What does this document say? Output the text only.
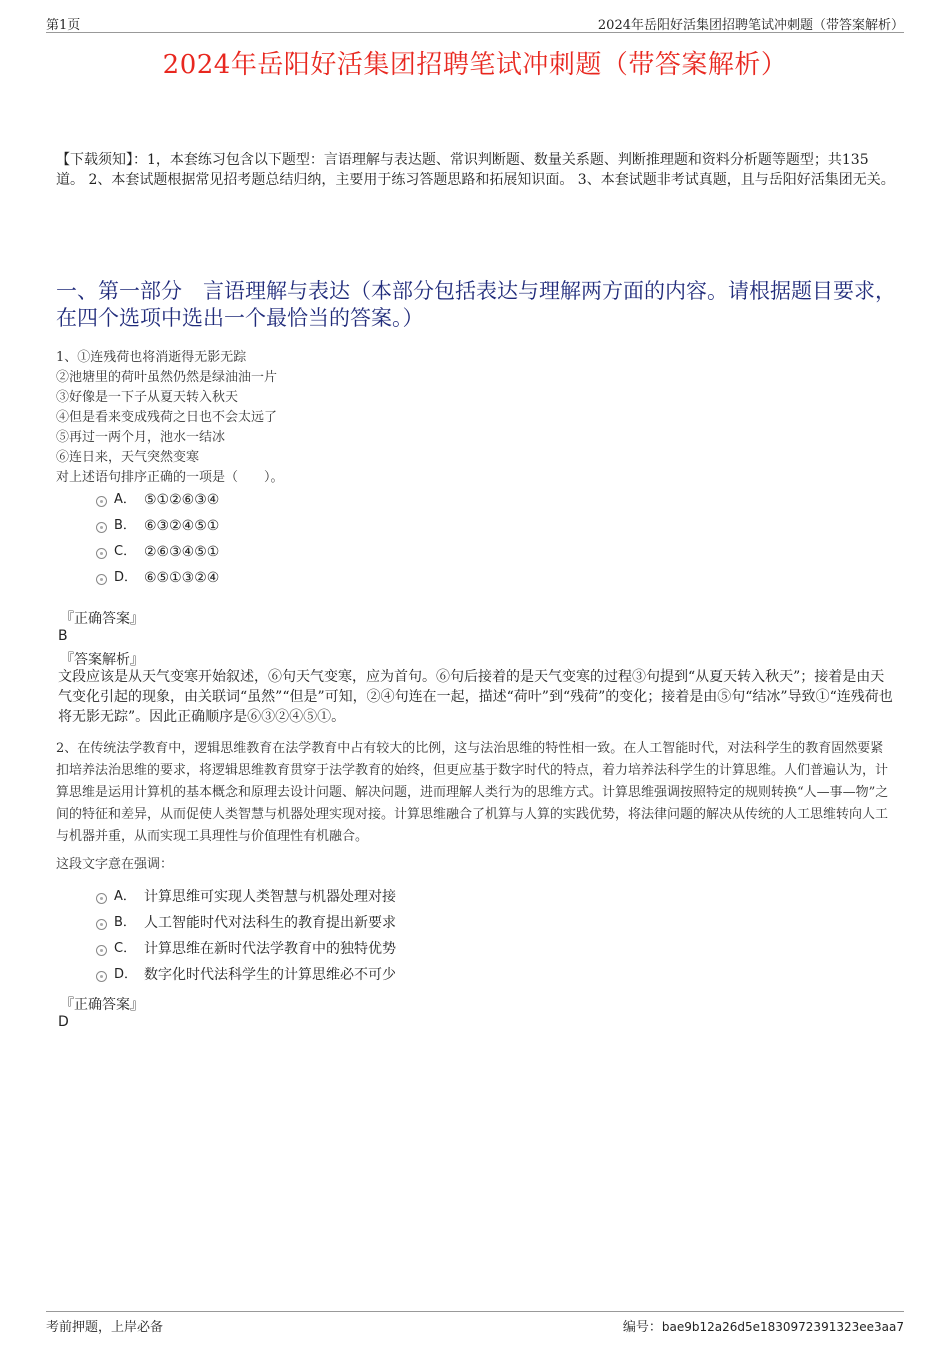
第1页	2024年岳阳好活集团招聘笔试冲刺题（带答案解析）
2024年岳阳好活集团招聘笔试冲刺题（带答案解析）
【下载须知】：1，本套练习包含以下题型：言语理解与表达题、常识判断题、数量关系题、判断推理题和资料分析题等题型；共135道。 2、本套试题根据常见招考题总结归纳，主要用于练习答题思路和拓展知识面。 3、本套试题非考试真题，且与岳阳好活集团无关。
一、第一部分　言语理解与表达（本部分包括表达与理解两方面的内容。请根据题目要求，在四个选项中选出一个最恰当的答案。）
1、①连残荷也将消逝得无影无踪
②池塘里的荷叶虽然仍然是绿油油一片
③好像是一下子从夏天转入秋天
④但是看来变成残荷之日也不会太远了
⑤再过一两个月，池水一结冰
⑥连日来，天气突然变寒
对上述语句排序正确的一项是（　　）。
A． ⑤①②⑥③④
B． ⑥③②④⑤①
C． ②⑥③④⑤①
D． ⑥⑤①③②④
『正确答案』
B
『答案解析』
文段应该是从天气变寒开始叙述，⑥句天气变寒，应为首句。⑥句后接着的是天气变寒的过程③句提到“从夏天转入秋天”；接着是由天气变化引起的现象，由关联词“虽然”“但是”可知，②④句连在一起，描述“荷叶”到“残荷”的变化；接着是由⑤句“结冰”导致①“连残荷也将无影无踪”。因此正确顺序是⑥③②④⑤①。
2、在传统法学教育中，逻辑思维教育在法学教育中占有较大的比例，这与法治思维的特性相一致。在人工智能时代，对法科学生的教育固然要紧扣培养法治思维的要求，将逻辑思维教育贯穿于法学教育的始终，但更应基于数字时代的特点，着力培养法科学生的计算思维。人们普遍认为，计算思维是运用计算机的基本概念和原理去设计问题、解决问题，进而理解人类行为的思维方式。计算思维强调按照特定的规则转换“人—事—物”之间的特征和差异，从而促使人类智慧与机器处理实现对接。计算思维融合了机算与人算的实践优势，将法律问题的解决从传统的人工思维转向人工与机器并重，从而实现工具理性与价值理性有机融合。
这段文字意在强调：
A． 计算思维可实现人类智慧与机器处理对接
B． 人工智能时代对法科生的教育提出新要求
C． 计算思维在新时代法学教育中的独特优势
D． 数字化时代法科学生的计算思维必不可少
『正确答案』
D
考前押题，上岸必备	编号：bae9b12a26d5e1830972391323ee3aa7
